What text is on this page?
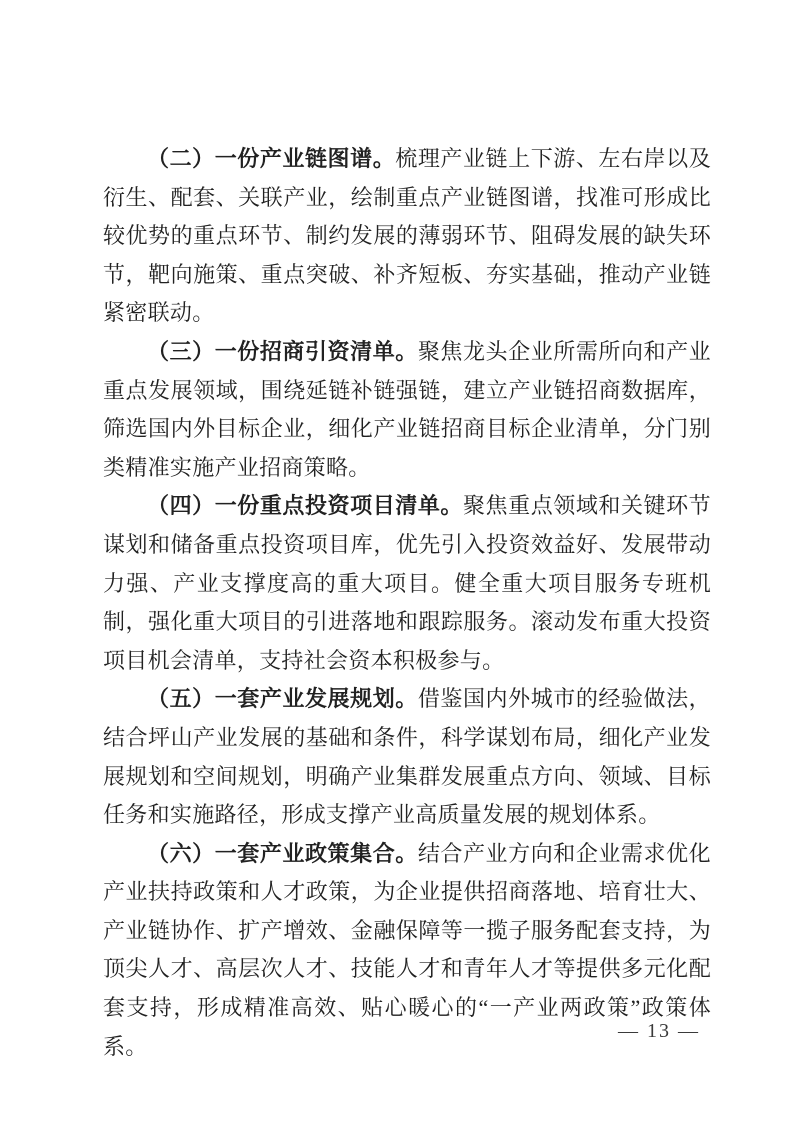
（二）一份产业链图谱。梳理产业链上下游、左右岸以及衍生、配套、关联产业，绘制重点产业链图谱，找准可形成比较优势的重点环节、制约发展的薄弱环节、阻碍发展的缺失环节，靶向施策、重点突破、补齐短板、夯实基础，推动产业链紧密联动。

（三）一份招商引资清单。聚焦龙头企业所需所向和产业重点发展领域，围绕延链补链强链，建立产业链招商数据库，筛选国内外目标企业，细化产业链招商目标企业清单，分门别类精准实施产业招商策略。

（四）一份重点投资项目清单。聚焦重点领域和关键环节谋划和储备重点投资项目库，优先引入投资效益好、发展带动力强、产业支撑度高的重大项目。健全重大项目服务专班机制，强化重大项目的引进落地和跟踪服务。滚动发布重大投资项目机会清单，支持社会资本积极参与。

（五）一套产业发展规划。借鉴国内外城市的经验做法，结合坪山产业发展的基础和条件，科学谋划布局，细化产业发展规划和空间规划，明确产业集群发展重点方向、领域、目标任务和实施路径，形成支撑产业高质量发展的规划体系。

（六）一套产业政策集合。结合产业方向和企业需求优化产业扶持政策和人才政策，为企业提供招商落地、培育壮大、产业链协作、扩产增效、金融保障等一揽子服务配套支持，为顶尖人才、高层次人才、技能人才和青年人才等提供多元化配套支持，形成精准高效、贴心暖心的“一产业两政策”政策体系。

— 13 —
